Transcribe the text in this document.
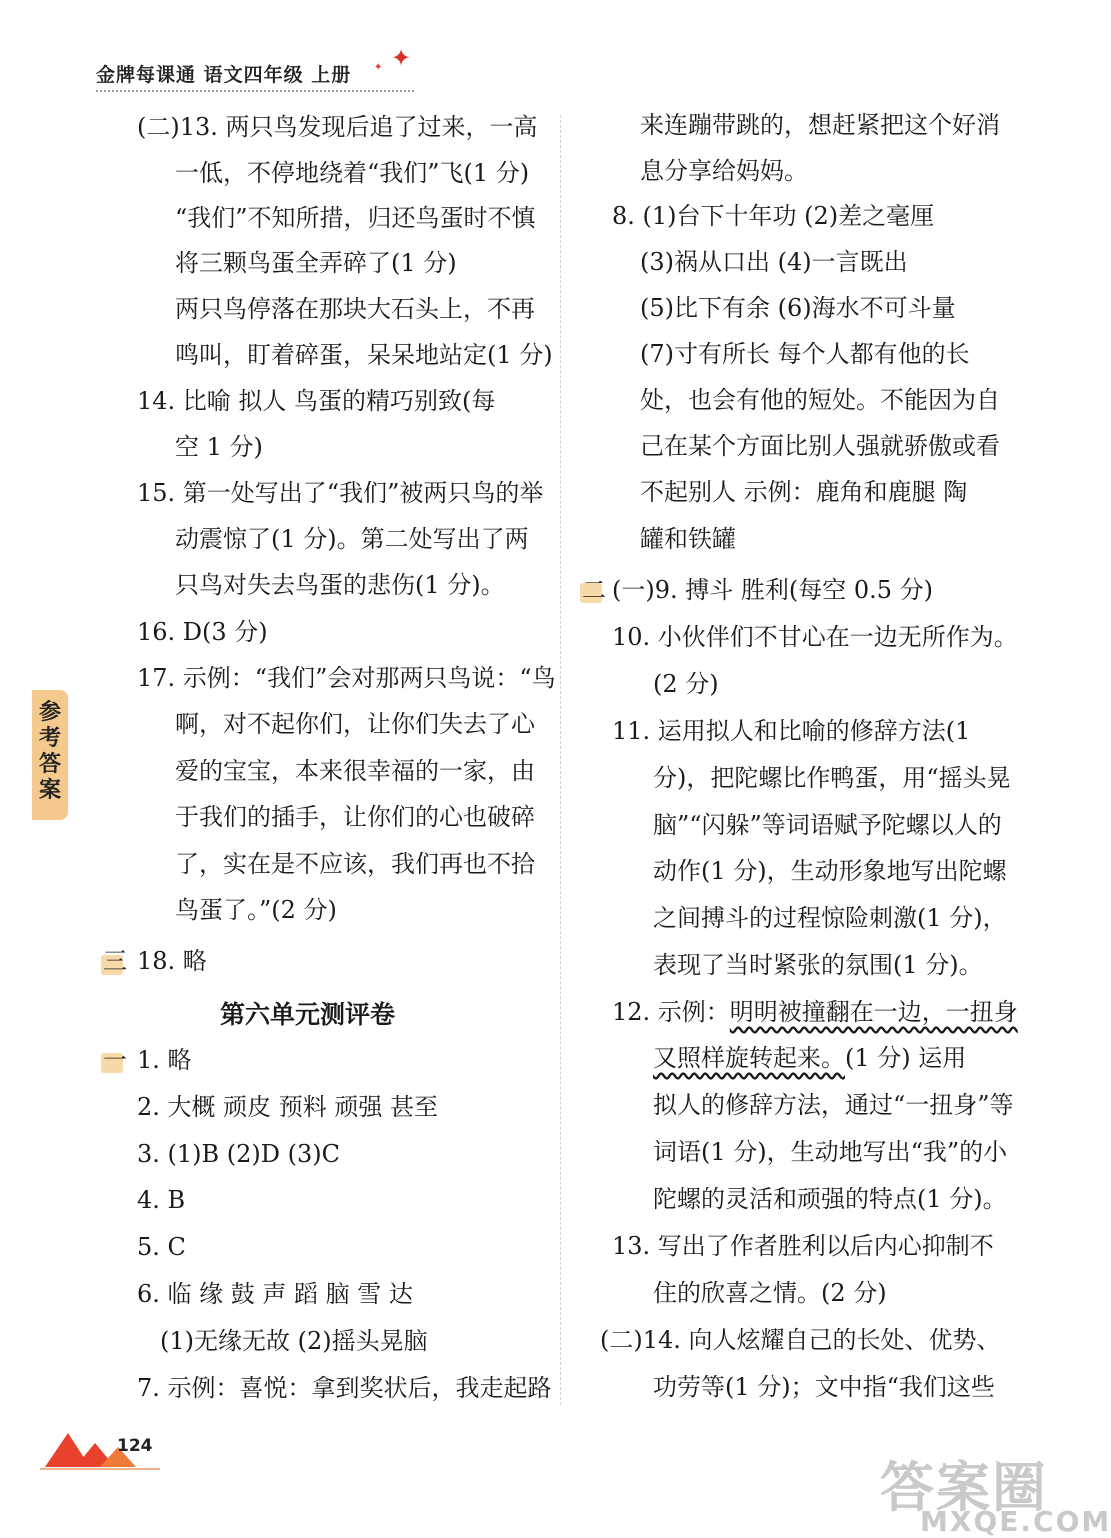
金牌每课通 语文四年级 上册 ✦ ✦
参考答案
(二)13. 两只鸟发现后追了过来，一高
一低，不停地绕着“我们”飞(1 分)
“我们”不知所措，归还鸟蛋时不慎
将三颗鸟蛋全弄碎了(1 分)
两只鸟停落在那块大石头上，不再
鸣叫，盯着碎蛋，呆呆地站定(1 分)
14. 比喻 拟人 鸟蛋的精巧别致(每
空 1 分)
15. 第一处写出了“我们”被两只鸟的举
动震惊了(1 分)。第二处写出了两
只鸟对失去鸟蛋的悲伤(1 分)。
16. D(3 分)
17. 示例：“我们”会对那两只鸟说：“鸟
啊，对不起你们，让你们失去了心
爱的宝宝，本来很幸福的一家，由
于我们的插手，让你们的心也破碎
了，实在是不应该，我们再也不拾
鸟蛋了。”(2 分)
三 18. 略
第六单元测评卷
一 1. 略
2. 大概 顽皮 预料 顽强 甚至
3. (1)B (2)D (3)C
4. B
5. C
6. 临 缘 鼓 声 蹈 脑 雪 达
(1)无缘无故 (2)摇头晃脑
7. 示例：喜悦：拿到奖状后，我走起路
来连蹦带跳的，想赶紧把这个好消
息分享给妈妈。
8. (1)台下十年功 (2)差之毫厘
(3)祸从口出 (4)一言既出
(5)比下有余 (6)海水不可斗量
(7)寸有所长 每个人都有他的长
处，也会有他的短处。不能因为自
己在某个方面比别人强就骄傲或看
不起别人 示例：鹿角和鹿腿 陶
罐和铁罐
二 (一)9. 搏斗 胜利(每空 0.5 分)
10. 小伙伴们不甘心在一边无所作为。
(2 分)
11. 运用拟人和比喻的修辞方法(1
分)，把陀螺比作鸭蛋，用“摇头晃
脑”“闪躲”等词语赋予陀螺以人的
动作(1 分)，生动形象地写出陀螺
之间搏斗的过程惊险刺激(1 分)，
表现了当时紧张的氛围(1 分)。
12. 示例：明明被撞翻在一边，一扭身
又照样旋转起来。(1 分) 运用
拟人的修辞方法，通过“一扭身”等
词语(1 分)，生动地写出“我”的小
陀螺的灵活和顽强的特点(1 分)。
13. 写出了作者胜利以后内心抑制不
住的欣喜之情。(2 分)
(二)14. 向人炫耀自己的长处、优势、
功劳等(1 分)；文中指“我们这些
124
答案圈
MXQE.COM
